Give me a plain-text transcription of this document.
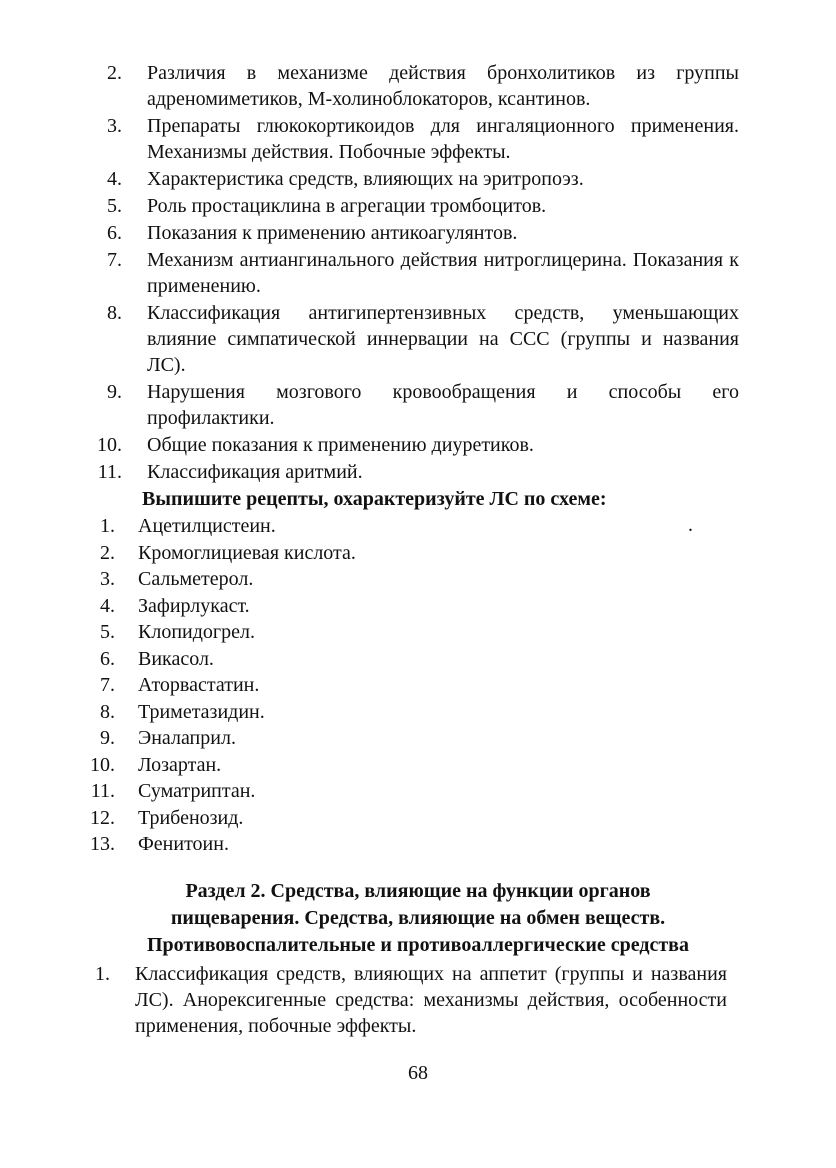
2. Различия в механизме действия бронхолитиков из группы адреномиметиков, М-холиноблокаторов, ксантинов.
3. Препараты глюкокортикоидов для ингаляционного применения. Механизмы действия. Побочные эффекты.
4. Характеристика средств, влияющих на эритропоэз.
5. Роль простациклина в агрегации тромбоцитов.
6. Показания к применению антикоагулянтов.
7. Механизм антиангинального действия нитроглицерина. Показания к применению.
8. Классификация антигипертензивных средств, уменьшающих влияние симпатической иннервации на ССС (группы и названия ЛС).
9. Нарушения мозгового кровообращения и способы его профилактики.
10. Общие показания к применению диуретиков.
11. Классификация аритмий.
Выпишите рецепты, охарактеризуйте ЛС по схеме:
.
1. Ацетилцистеин.
2. Кромоглициевая кислота.
3. Сальметерол.
4. Зафирлукаст.
5. Клопидогрел.
6. Викасол.
7. Аторвастатин.
8. Триметазидин.
9. Эналаприл.
10. Лозартан.
11. Суматриптан.
12. Трибенозид.
13. Фенитоин.
Раздел 2. Средства, влияющие на функции органов
пищеварения. Средства, влияющие на обмен веществ.
Противовоспалительные и противоаллергические средства
1. Классификация средств, влияющих на аппетит (группы и названия ЛС). Анорексигенные средства: механизмы действия, особенности применения, побочные эффекты.
68
